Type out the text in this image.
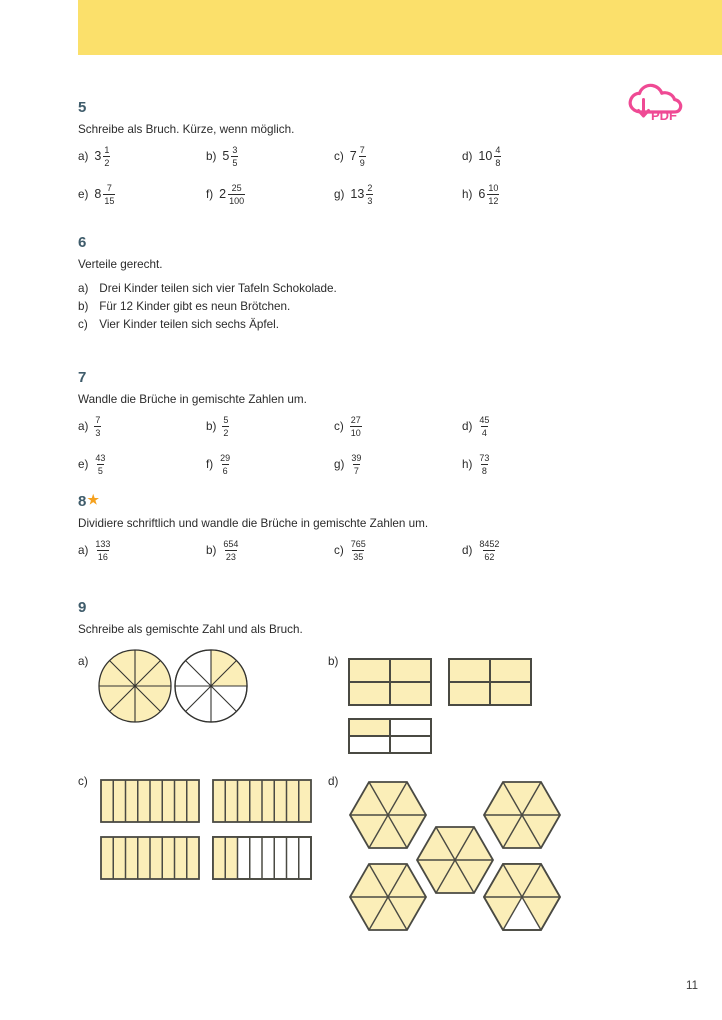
PDF
5

Schreibe als Bruch. Kürze, wenn möglich.

a) $3 \frac{1}{2}$	b) $5 \frac{3}{5}$	c) $7 \frac{7}{9}$	d) $10 \frac{4}{8}$
e) $8 \frac{7}{15}$	f) $2 \frac{25}{100}$	g) $13 \frac{2}{3}$	h) $6 \frac{10}{12}$
6

Verteile gerecht.

a) Drei Kinder teilen sich vier Tafeln Schokolade.
b) Für 12 Kinder gibt es neun Brötchen.
c) Vier Kinder teilen sich sechs Äpfel.
7

Wandle die Brüche in gemischte Zahlen um.

$a) \frac{7}{3}$	$b) \frac{5}{2}$	$c) \frac{27}{10}$	$d) \frac{45}{4}$
$e) \frac{43}{5}$	$f) \frac{29}{6}$	$g) \frac{39}{7}$	$h) \frac{73}{8}$
8★

Dividiere schriftlich und wandle die Brüche in gemischte Zahlen um.

$a) \frac{133}{16}$	$b) \frac{654}{23}$	$c) \frac{765}{35}$	$d) \frac{8452}{62}$
9

Schreibe als gemischte Zahl und als Bruch.

a)	b)
c)	d)
11
